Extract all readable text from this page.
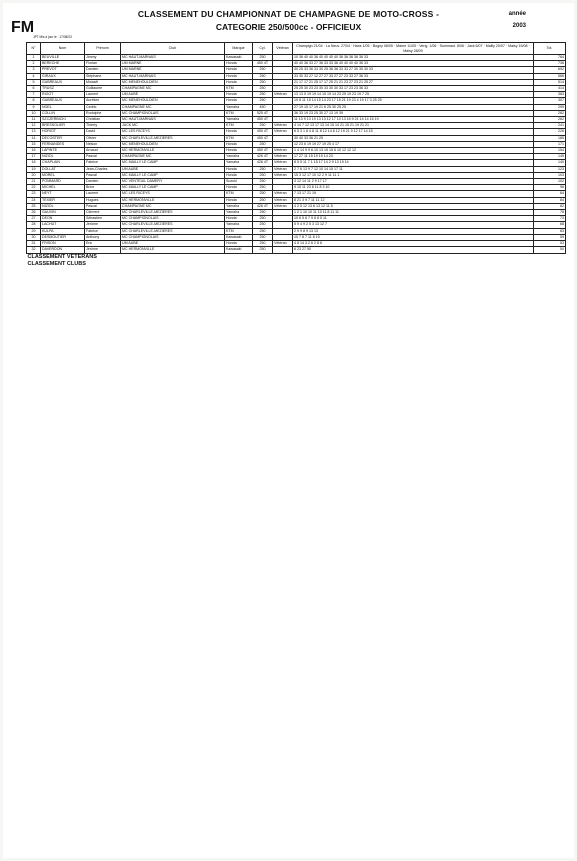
FM
CLASSEMENT DU CHAMPIONNAT DE CHAMPAGNE DE MOTO-CROSS -
CATEGORIE 250/500cc - OFFICIEUX
année
2003
JPT Mis à jour le : 17/08/03
N°	Nom	Prénom	Club	Marque	Cyl.	Vétéran	Champign 21/04 · La Neuv. 27/04 · Hans 1/05 · Bogny 08/05 · Manre 11/05 · Verig. 1/06 · Sommaut. 8/06 · Jack 6/07 · Mailly 20/07 · Maisy 15/08 · Maisy 28/09	Tot.
1	BEUVILLE	Jimmy	MC HAUT-MARNAIS	Kawasaki	250		10 36 40 40 36 40 40 40 40 36 36 36 36 36 33	764
2	BERECHE	Florian	UM MARNE	Honda	450 4T		40 40 36 33 27 36 33 33 36 40 40 40 40 36 33	736
3	PREVOT	Damien	UM MARNE	Honda	250		30 25 33 36 33 30 25 36 36 33 33 27 30 30 30 33	692
4	GIRAUX	Stéphane	MC HAUT-MARNAIS	Honda	250		33 30 33 27 12 27 27 33 27 27 23 33 27 36 33	566
5	GABREAUX	Mickaël	MC MENEHOULDIEN	Honda	250		21 17 17 21 25 17 17 25 21 21 23 27 23 21 25 27	514
6	TRUSZ	Guillaume	CHAMPAGNE MC	KTM	250		25 25 30 23 23 30 33 30 30 33 17 23 23 36 33	414
7	RIGOT	Laurent	UM AUBE	Honda	250	Vétéran	13 13 5 19 19 14 15 19 14 23 25 19 23 19 7 25	383
8	GABREAUX	Aurélien	MC MENEHOULDIEN	Honda	250		19 8 11 15 14 15 14 23 17 15 21 19 23 4 19 17 3 25 25	307
9	NOEL	Cedric	CHAMPAGNE MC	Yamaha	450		27 19 15 17 19 21 6 25 30 25 25	299
10	COLLIN	Rodolphe	MC CHAMPIGNOLAIS	KTM	525 4T		36 33 19 23 25 30 27 13 19 39	282
11	SZCZERBICKI	Christian	MC HAUT-MARNAIS	Yamaha	450 4T		11 10 9 13 19 13 13 12 17 10 13 15 9 21 14 14 15 19	262
12	BRESSOLIER	Thierry	JACK MC	KTM	250	Vétéran	4 14 7 12 13 17 13 14 15 14 21 15 21 19 21 21	241
13	HORIOT	David	MC LES RICEYS	Honda	450 4T	Vétéran	6 5 3 1 8 4 8 11 8 12 14 6 12 19 21 9 12 17 14 15	226
14	DECOSTER	Olivier	MC CHARLEVILLE-MEZIERES	KTM	450 4T		30 40 33 36 21 25	185
15	FERNANDES	Nelson	MC MENEHOULDIEN	Honda	250		12 23 6 19 19 27 19 25 4 17	171
16	LAPINTE	Arnaud	MC HERMONVILLE	Honda	450 4T	Vétéran	1 4 14 9 9 6 10 13 15 15 6 10 12 12 12	154
17	NIZIOL	Pascal	CHAMPAGNE MC	Yamaha	426 4T	Vétéran	17 27 11 15 19 19 14 23	145
18	CHAPLAIN	Fabrice	MC MAILLY LE CAMP	Yamaha	426 4T	Vétéran	8 5 5 11 7 1 15 17 14 2 9 13 19 14	140
19	DOLLAT	Jean-Charles	UM AUBE	Honda	250	Vétéran	2 7 6 13 9 7 12 10 14 15 17 11	123
20	MOREL	Pascal	MC MAILLY LE CAMP	Honda	250	Vétéran	15 3 12 17 10 12 2 9 11 11 1	103
21	POMMARD	Damien	MC VENTEUIL DAMERY	Suzuki	250		3 12 14 11 2 9 17 17	102
22	MICHEL	Brice	MC MAILLY LE CAMP	Honda	250		9 15 11 23 6 11 8 3 10	96
23	NEYT	Laurent	MC LES RICEYS	KTM	250	Vétéran	7 13 17 21 19	84
24	TEXIER	Hugues	MC HERMONVILLE	Honda	250	Vétéran	8 21 3 9 7 11 11 12	84
25	NIZIOL	Pascal	CHAMPAGNE MC	Yamaha	426 4T	Vétéran	4 2 5 12 13 6 13 12 11 5	82
26	GAUVIN	Clément	MC CHARLEVILLE-MEZIERES	Yamaha	250		1 2 1 10 10 11 10 11 8 11 11	78
27	DEON	Sébastien	MC CHAMPIGNOLAIS	Honda	250		10 6 5 6 7 9 6 8 5 11	73
28	LACHUT	Jérôme	MC CHARLEVILLE-MEZIERES	Yamaha	250		5 9 4 9 2 5 3 13 12 7	68
29	KULPA	Fabrice	MC CHARLEVILLE-MEZIERES	KTM	250		2 9 9 8 9 13 13	63
30	DESMOUTIER	Anthony	MC CHAMPIGNOLAIS	Kawasaki	250		10 7 8 7 11 6 10	59
31	FRISON	Eric	UM AUBE	Honda	250	Vétéran	4 8 14 3 2 6 2 8 6	53
32	DAVERDON	Jérôme	MC HERMONVILLE	Kawasaki	250		6 23 27 50	50
CLASSEMENT VETERANS								
CLASSEMENT CLUBS								
